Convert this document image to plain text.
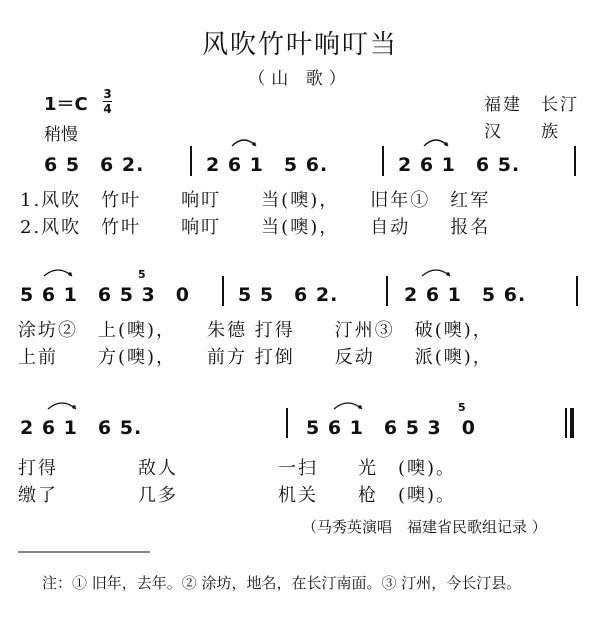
风吹竹叶响叮当
（山 歌）
1＝C 3
4
稍慢
福建　长汀
汉　　族
6 5　6 2.	2 6 1　5 6.	2 6 1　6 5.
1.风吹　竹叶　　响叮　　当(噢)，　　旧年①　红军
2.风吹　竹叶　　响叮　　当(噢)，　　自动　　报名
5 6 1　6 5 3　0
5
5 5　6 2.	2 6 1　5 6.
涂坊②　上(噢)，　　朱德 打得　　汀州③　破(噢)，
上前　　方(噢)，　　前方 打倒　　反动　　派(噢)，
2 6 1　6 5.	5 6 1　6 5 3　0
5
打得　　　　敌人　　　　　一扫　　光　(噢)。
缴了　　　　几多　　　　　机关　　枪　(噢)。
（马秀英演唱　福建省民歌组记录 ）
注：① 旧年，去年。② 涂坊，地名，在长汀南面。③ 汀州，今长汀县。
